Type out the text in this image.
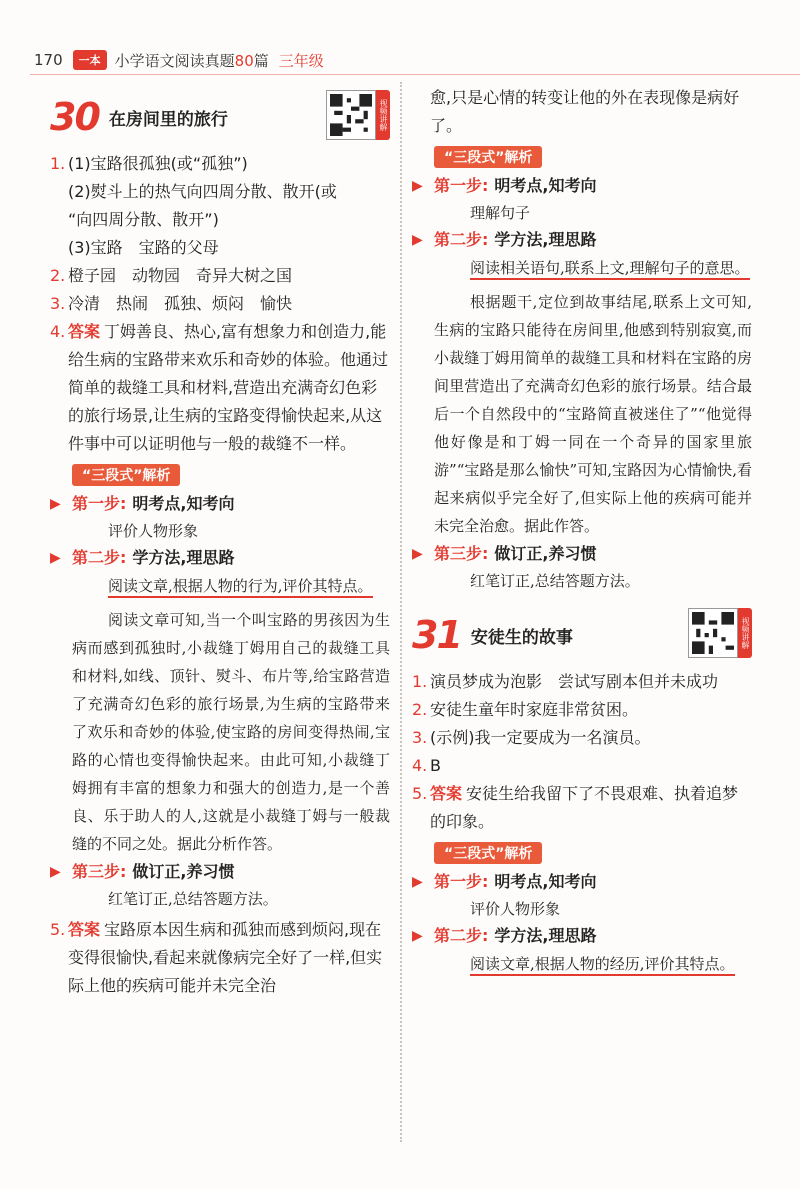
170	一本 小学语文阅读真题80篇 三年级
30 在房间里的旅行	视频讲解
1. (1)宝路很孤独(或“孤独”)
(2)熨斗上的热气向四周分散、散开(或
“向四周分散、散开”)
(3)宝路　宝路的父母
2. 橙子园　动物园　奇异大树之国
3. 冷清　热闹　孤独、烦闷　愉快
4. 答案 丁姆善良、热心,富有想象力和创造力,能给生病的宝路带来欢乐和奇妙的体验。他通过简单的裁缝工具和材料,营造出充满奇幻色彩的旅行场景,让生病的宝路变得愉快起来,从这件事中可以证明他与一般的裁缝不一样。
“三段式”解析
▶ 第一步: 明考点,知考向
评价人物形象
▶ 第二步: 学方法,理思路
阅读文章,根据人物的行为,评价其特点。
阅读文章可知,当一个叫宝路的男孩因为生病而感到孤独时,小裁缝丁姆用自己的裁缝工具和材料,如线、顶针、熨斗、布片等,给宝路营造了充满奇幻色彩的旅行场景,为生病的宝路带来了欢乐和奇妙的体验,使宝路的房间变得热闹,宝路的心情也变得愉快起来。由此可知,小裁缝丁姆拥有丰富的想象力和强大的创造力,是一个善良、乐于助人的人,这就是小裁缝丁姆与一般裁缝的不同之处。据此分析作答。
▶ 第三步: 做订正,养习惯
红笔订正,总结答题方法。
5. 答案 宝路原本因生病和孤独而感到烦闷,现在变得很愉快,看起来就像病完全好了一样,但实际上他的疾病可能并未完全治
愈,只是心情的转变让他的外在表现像是病好了。
“三段式”解析
▶ 第一步: 明考点,知考向
理解句子
▶ 第二步: 学方法,理思路
阅读相关语句,联系上文,理解句子的意思。
根据题干,定位到故事结尾,联系上文可知,生病的宝路只能待在房间里,他感到特别寂寞,而小裁缝丁姆用简单的裁缝工具和材料在宝路的房间里营造出了充满奇幻色彩的旅行场景。结合最后一个自然段中的“宝路简直被迷住了”“他觉得他好像是和丁姆一同在一个奇异的国家里旅游”“宝路是那么愉快”可知,宝路因为心情愉快,看起来病似乎完全好了,但实际上他的疾病可能并未完全治愈。据此作答。
▶ 第三步: 做订正,养习惯
红笔订正,总结答题方法。
31 安徒生的故事	视频讲解
1. 演员梦成为泡影　尝试写剧本但并未成功
2. 安徒生童年时家庭非常贫困。
3. (示例)我一定要成为一名演员。
4. B
5. 答案 安徒生给我留下了不畏艰难、执着追梦的印象。
“三段式”解析
▶ 第一步: 明考点,知考向
评价人物形象
▶ 第二步: 学方法,理思路
阅读文章,根据人物的经历,评价其特点。
